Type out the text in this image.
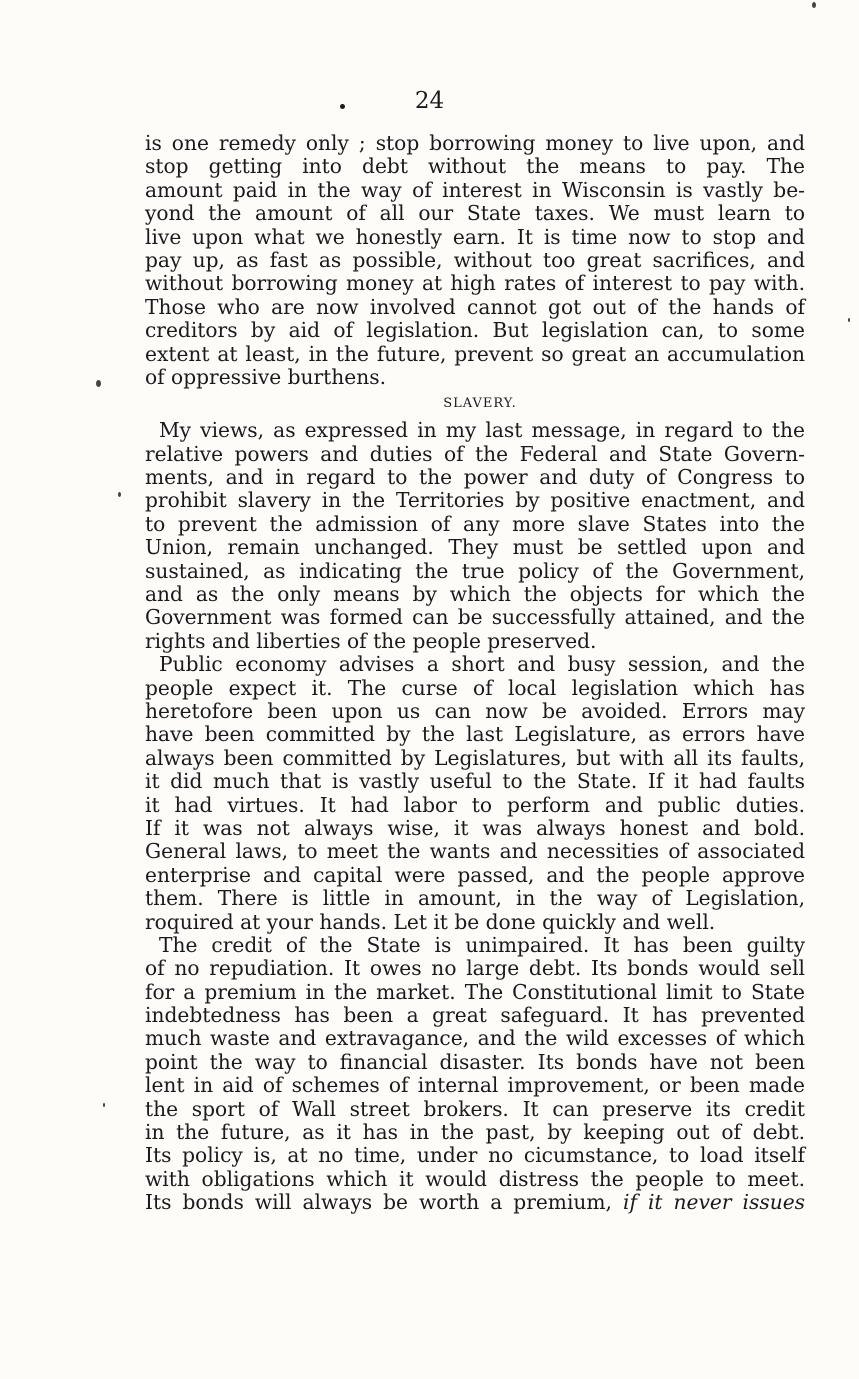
24
is one remedy only ; stop borrowing money to live upon, and
stop getting into debt without the means to pay. The
amount paid in the way of interest in Wisconsin is vastly be-
yond the amount of all our State taxes. We must learn to
live upon what we honestly earn. It is time now to stop and
pay up, as fast as possible, without too great sacrifices, and
without borrowing money at high rates of interest to pay with.
Those who are now involved cannot got out of the hands of
creditors by aid of legislation. But legislation can, to some
extent at least, in the future, prevent so great an accumulation
of oppressive burthens.
SLAVERY.
My views, as expressed in my last message, in regard to the
relative powers and duties of the Federal and State Govern-
ments, and in regard to the power and duty of Congress to
prohibit slavery in the Territories by positive enactment, and
to prevent the admission of any more slave States into the
Union, remain unchanged. They must be settled upon and
sustained, as indicating the true policy of the Government,
and as the only means by which the objects for which the
Government was formed can be successfully attained, and the
rights and liberties of the people preserved.
Public economy advises a short and busy session, and the
people expect it. The curse of local legislation which has
heretofore been upon us can now be avoided. Errors may
have been committed by the last Legislature, as errors have
always been committed by Legislatures, but with all its faults,
it did much that is vastly useful to the State. If it had faults
it had virtues. It had labor to perform and public duties.
If it was not always wise, it was always honest and bold.
General laws, to meet the wants and necessities of associated
enterprise and capital were passed, and the people approve
them. There is little in amount, in the way of Legislation,
roquired at your hands. Let it be done quickly and well.
The credit of the State is unimpaired. It has been guilty
of no repudiation. It owes no large debt. Its bonds would sell
for a premium in the market. The Constitutional limit to State
indebtedness has been a great safeguard. It has prevented
much waste and extravagance, and the wild excesses of which
point the way to financial disaster. Its bonds have not been
lent in aid of schemes of internal improvement, or been made
the sport of Wall street brokers. It can preserve its credit
in the future, as it has in the past, by keeping out of debt.
Its policy is, at no time, under no cicumstance, to load itself
with obligations which it would distress the people to meet.
Its bonds will always be worth a premium, if it never issues
